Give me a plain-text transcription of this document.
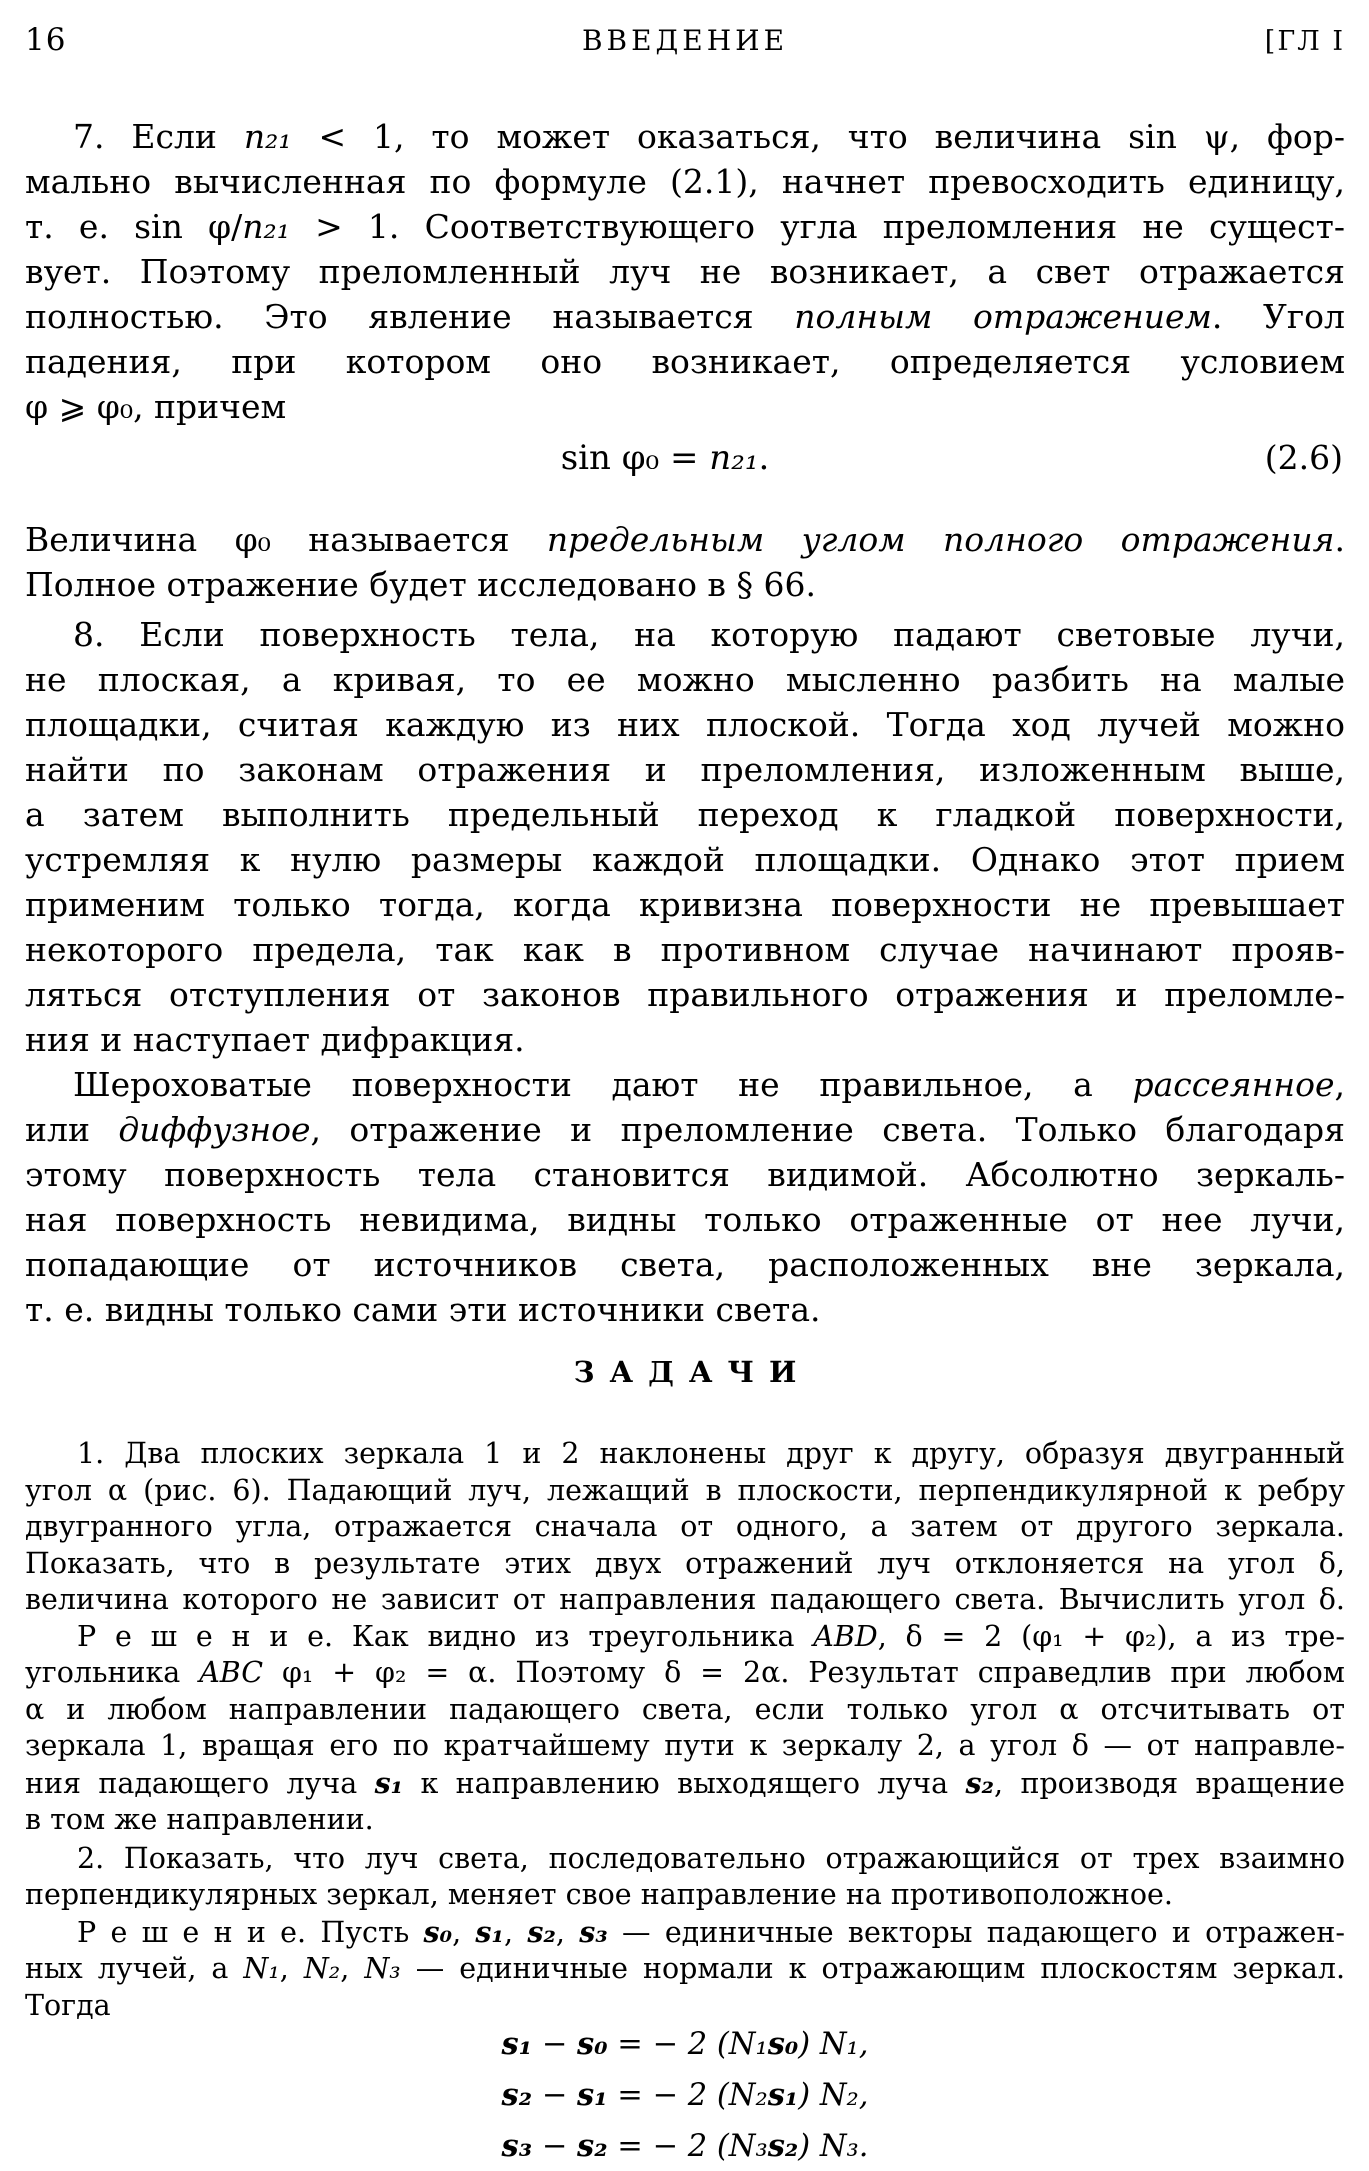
16	ВВЕДЕНИЕ	[ГЛ I
7. Если n₂₁ < 1, то может оказаться, что величина sin ψ, фор-
мально вычисленная по формуле (2.1), начнет превосходить единицу,
т. е. sin φ/n₂₁ > 1. Соответствующего угла преломления не сущест-
вует. Поэтому преломленный луч не возникает, а свет отражается
полностью. Это явление называется полным отражением. Угол
падения, при котором оно возникает, определяется условием
φ ⩾ φ₀, причем
sin φ₀ = n₂₁.	(2.6)
Величина φ₀ называется предельным углом полного отражения.
Полное отражение будет исследовано в § 66.
8. Если поверхность тела, на которую падают световые лучи,
не плоская, а кривая, то ее можно мысленно разбить на малые
площадки, считая каждую из них плоской. Тогда ход лучей можно
найти по законам отражения и преломления, изложенным выше,
а затем выполнить предельный переход к гладкой поверхности,
устремляя к нулю размеры каждой площадки. Однако этот прием
применим только тогда, когда кривизна поверхности не превышает
некоторого предела, так как в противном случае начинают прояв-
ляться отступления от законов правильного отражения и преломле-
ния и наступает дифракция.
Шероховатые поверхности дают не правильное, а рассеянное,
или диффузное, отражение и преломление света. Только благодаря
этому поверхность тела становится видимой. Абсолютно зеркаль-
ная поверхность невидима, видны только отраженные от нее лучи,
попадающие от источников света, расположенных вне зеркала,
т. е. видны только сами эти источники света.
ЗАДАЧИ
1. Два плоских зеркала 1 и 2 наклонены друг к другу, образуя двугранный
угол α (рис. 6). Падающий луч, лежащий в плоскости, перпендикулярной к ребру
двугранного угла, отражается сначала от одного, а затем от другого зеркала.
Показать, что в результате этих двух отражений луч отклоняется на угол δ,
величина которого не зависит от направления падающего света. Вычислить угол δ.
Р е ш е н и е. Как видно из треугольника ABD, δ = 2 (φ₁ + φ₂), а из тре-
угольника ABC φ₁ + φ₂ = α. Поэтому δ = 2α. Результат справедлив при любом
α и любом направлении падающего света, если только угол α отсчитывать от
зеркала 1, вращая его по кратчайшему пути к зеркалу 2, а угол δ — от направле-
ния падающего луча s₁ к направлению выходящего луча s₂, производя вращение
в том же направлении.
2. Показать, что луч света, последовательно отражающийся от трех взаимно
перпендикулярных зеркал, меняет свое направление на противоположное.
Р е ш е н и е. Пусть s₀, s₁, s₂, s₃ — единичные векторы падающего и отражен-
ных лучей, а N₁, N₂, N₃ — единичные нормали к отражающим плоскостям зеркал.
Тогда
s₁ − s₀ = − 2 (N₁s₀) N₁,
s₂ − s₁ = − 2 (N₂s₁) N₂,
s₃ − s₂ = − 2 (N₃s₂) N₃.
